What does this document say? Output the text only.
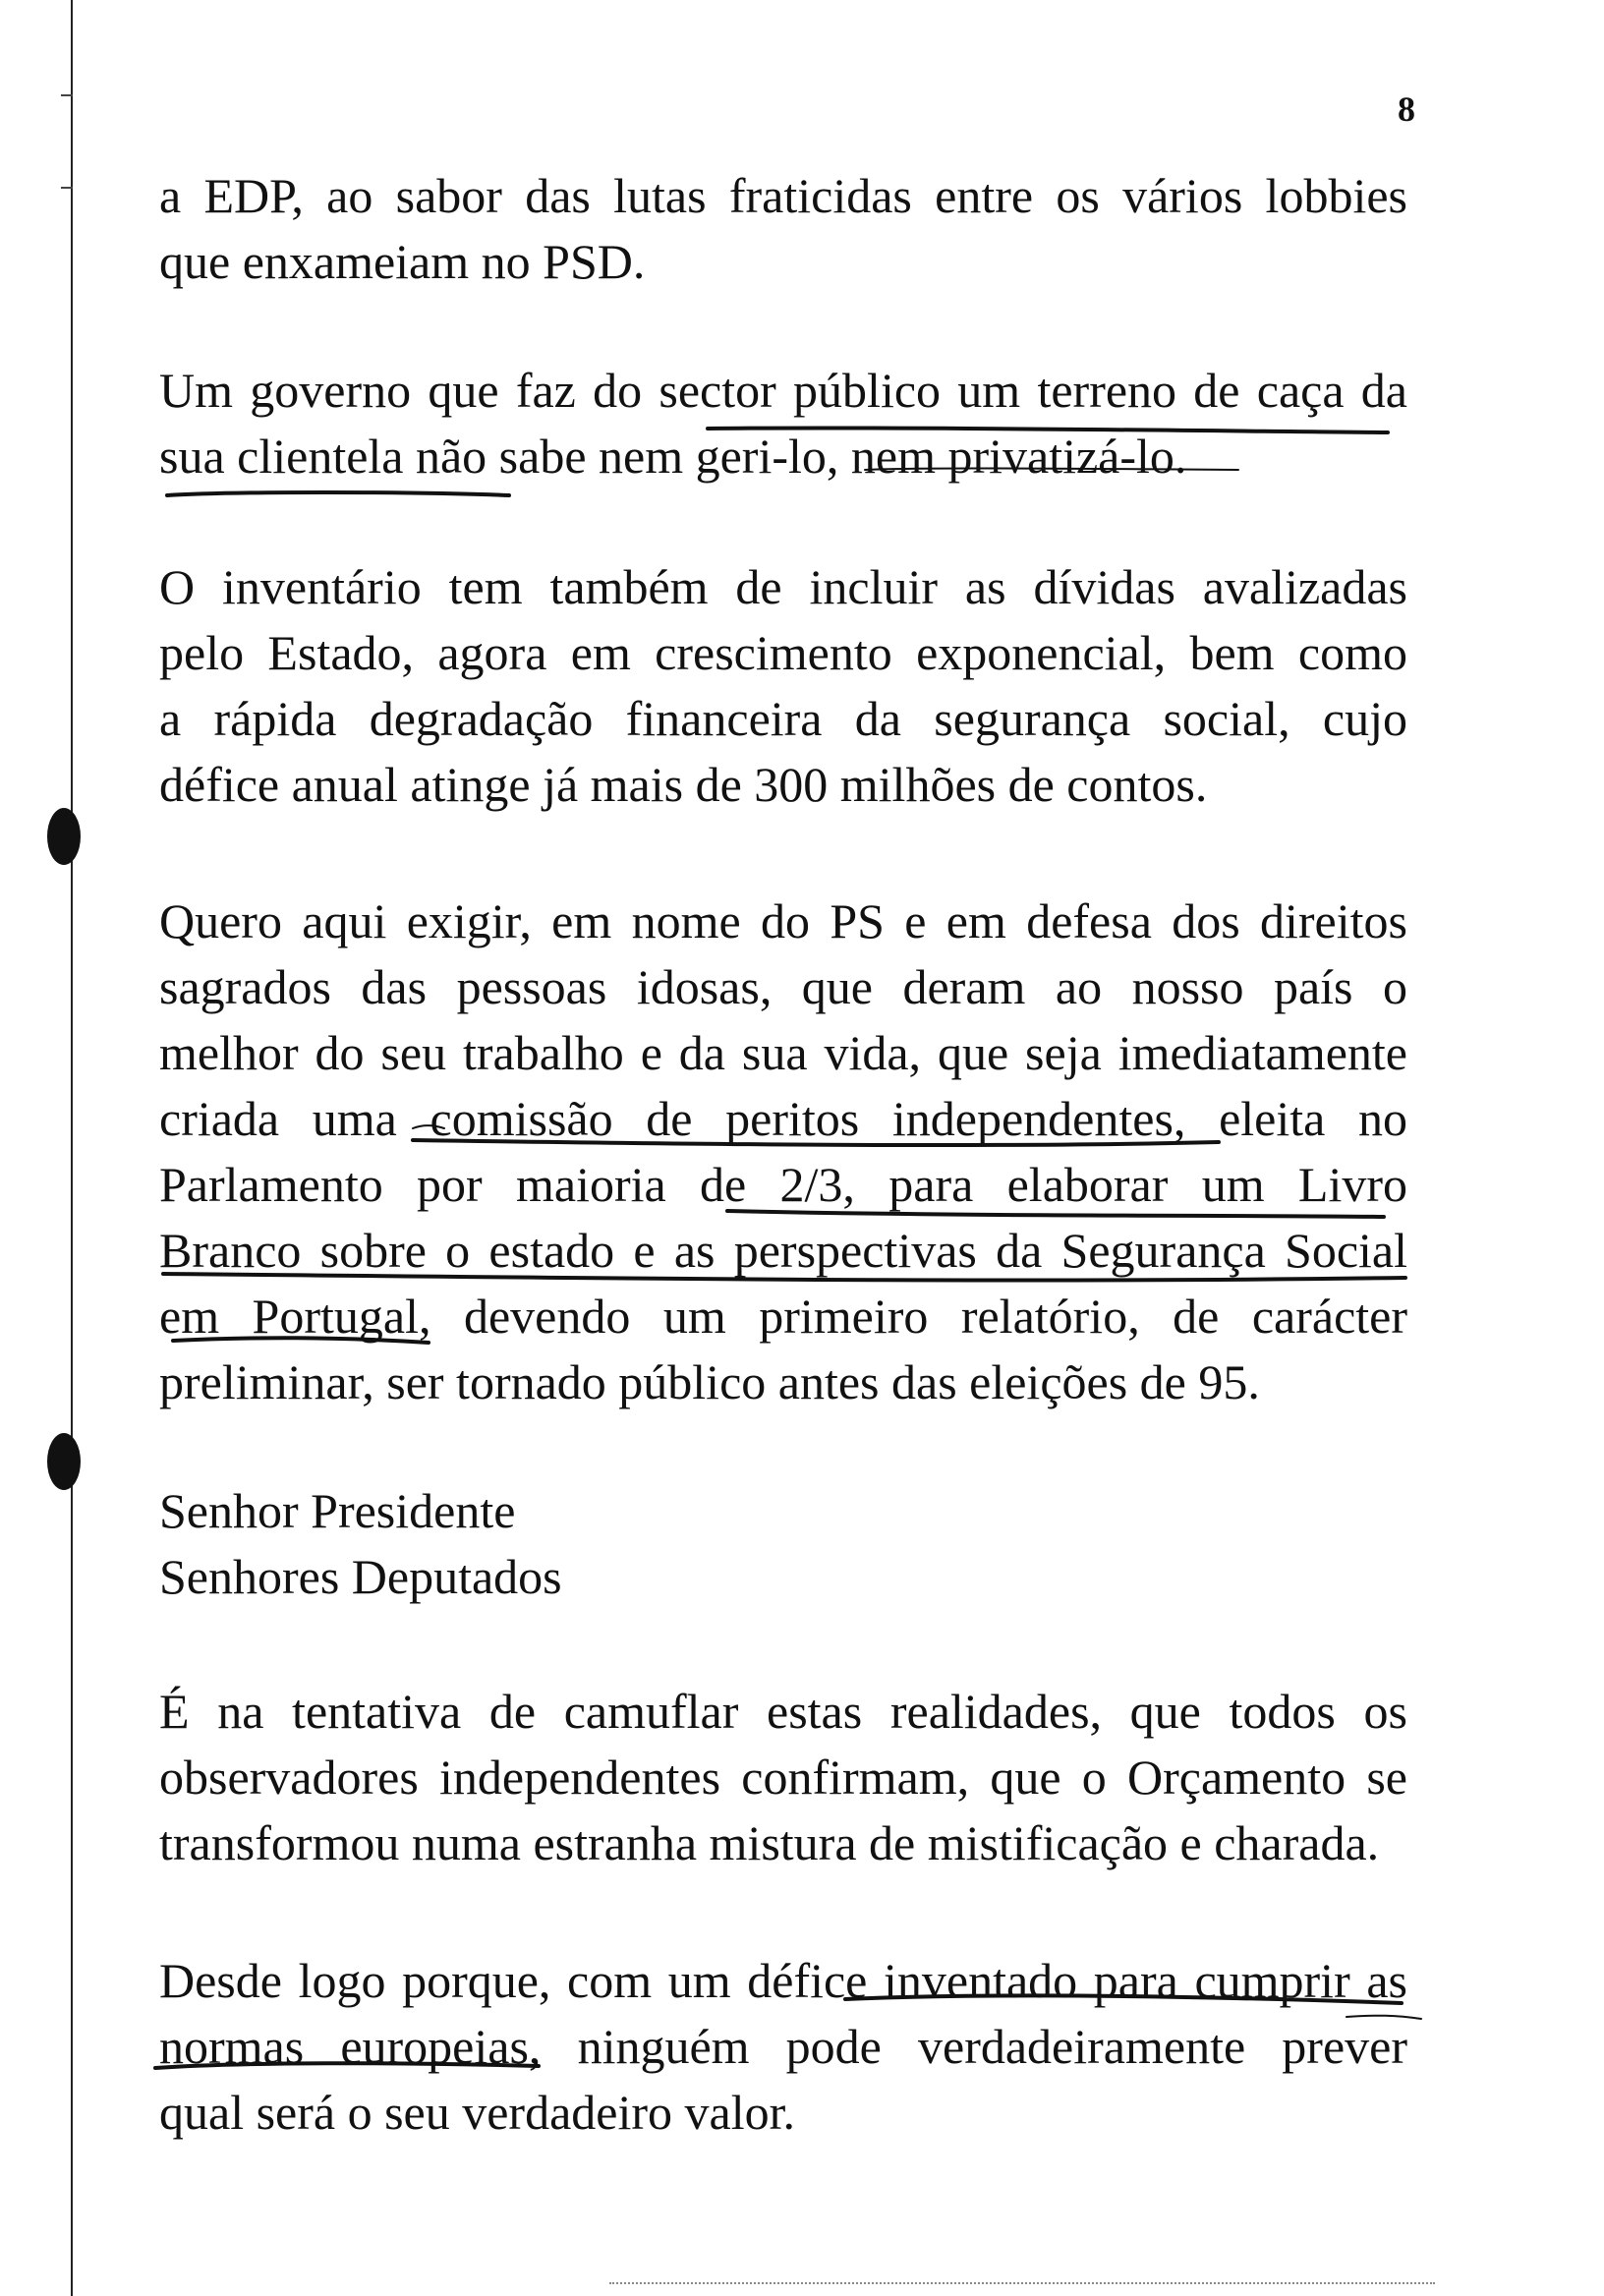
8
a EDP, ao sabor das lutas fraticidas entre os vários lobbies
que enxameiam no PSD.
Um governo que faz do sector público um terreno de caça da
sua clientela não sabe nem geri-lo, nem privatizá-lo.
O inventário tem também de incluir as dívidas avalizadas
pelo Estado, agora em crescimento exponencial, bem como
a rápida degradação financeira da segurança social, cujo
défice anual atinge já mais de 300 milhões de contos.
Quero aqui exigir, em nome do PS e em defesa dos direitos
sagrados das pessoas idosas, que deram ao nosso país o
melhor do seu trabalho e da sua vida, que seja imediatamente
criada uma comissão de peritos independentes, eleita no
Parlamento por maioria de 2/3, para elaborar um Livro
Branco sobre o estado e as perspectivas da Segurança Social
em Portugal, devendo um primeiro relatório, de carácter
preliminar, ser tornado público antes das eleições de 95.
Senhor Presidente
Senhores Deputados
É na tentativa de camuflar estas realidades, que todos os
observadores independentes confirmam, que o Orçamento se
transformou numa estranha mistura de mistificação e charada.
Desde logo porque, com um défice inventado para cumprir as
normas europeias, ninguém pode verdadeiramente prever
qual será o seu verdadeiro valor.
